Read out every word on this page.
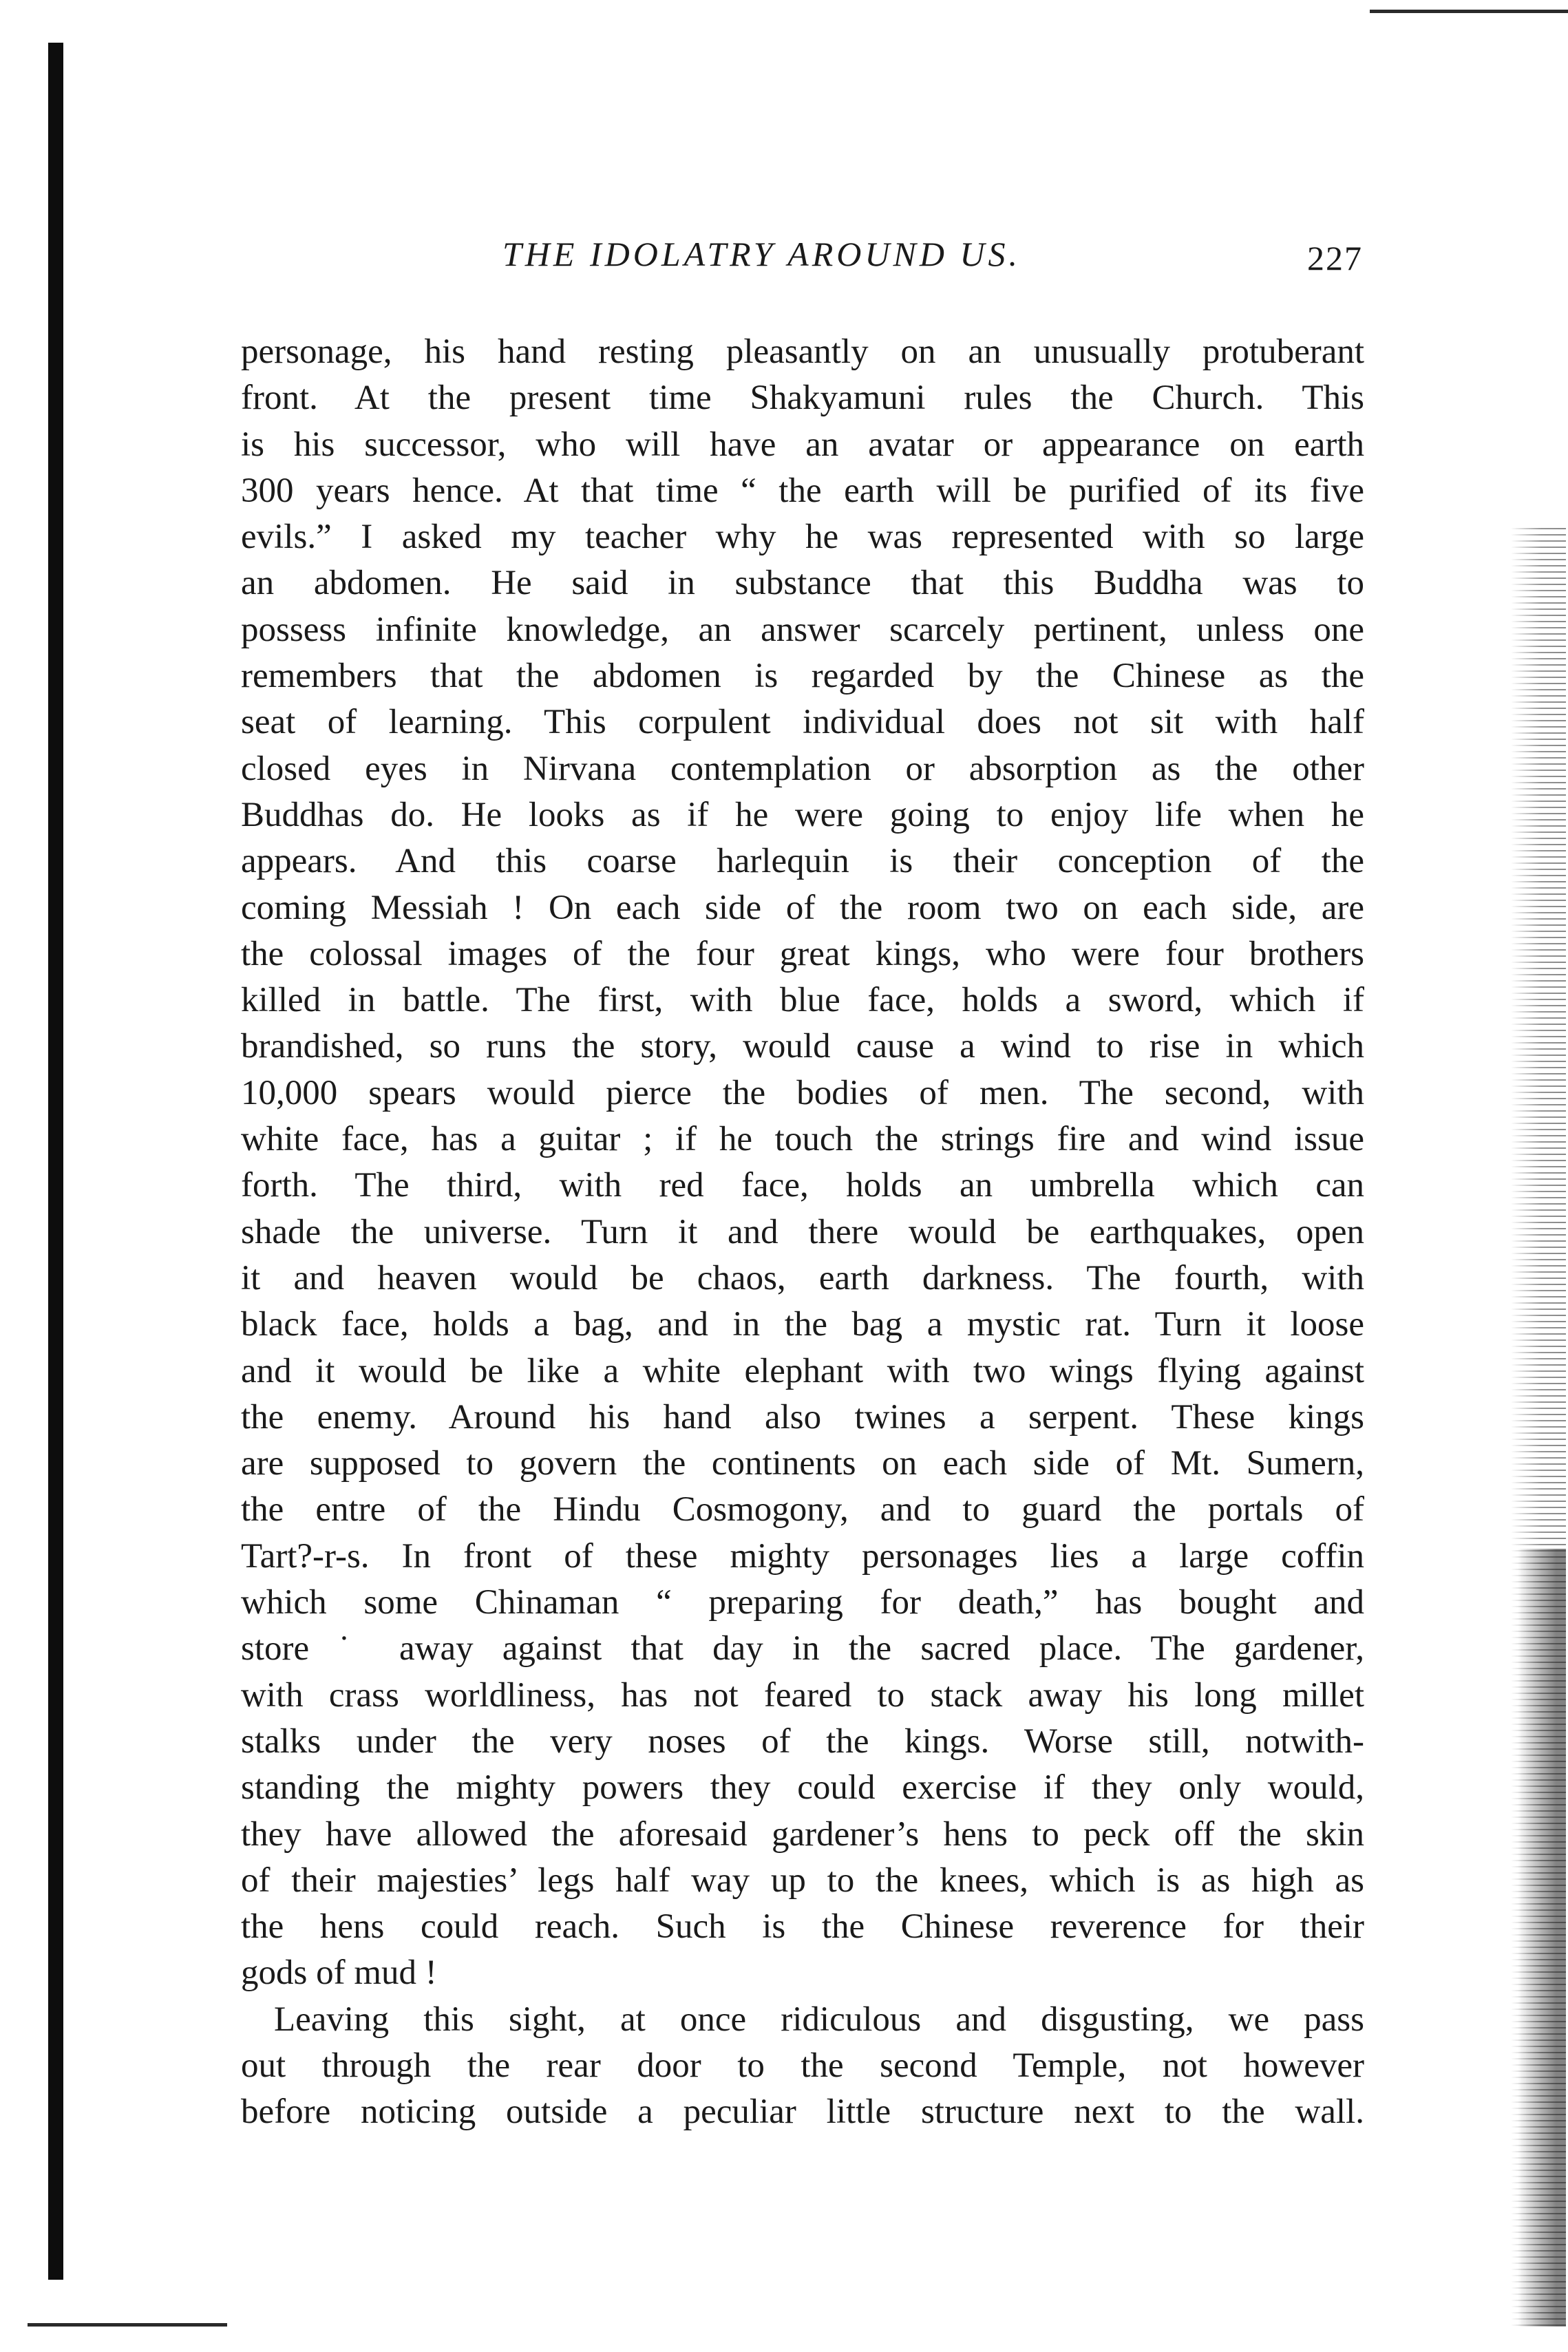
THE IDOLATRY AROUND US.	227
personage, his hand resting pleasantly on an unusually protuberant
front. At the present time Shakyamuni rules the Church. This
is his successor, who will have an avatar or appearance on earth
300 years hence. At that time “ the earth will be purified of its five
evils.” I asked my teacher why he was represented with so large
an abdomen. He said in substance that this Buddha was to
possess infinite knowledge, an answer scarcely pertinent, unless one
remembers that the abdomen is regarded by the Chinese as the
seat of learning. This corpulent individual does not sit with half
closed eyes in Nirvana contemplation or absorption as the other
Buddhas do. He looks as if he were going to enjoy life when he
appears. And this coarse harlequin is their conception of the
coming Messiah ! On each side of the room two on each side, are
the colossal images of the four great kings, who were four brothers
killed in battle. The first, with blue face, holds a sword, which if
brandished, so runs the story, would cause a wind to rise in which
10,000 spears would pierce the bodies of men. The second, with
white face, has a guitar ; if he touch the strings fire and wind issue
forth. The third, with red face, holds an umbrella which can
shade the universe. Turn it and there would be earthquakes, open
it and heaven would be chaos, earth darkness. The fourth, with
black face, holds a bag, and in the bag a mystic rat. Turn it loose
and it would be like a white elephant with two wings flying against
the enemy. Around his hand also twines a serpent. These kings
are supposed to govern the continents on each side of Mt. Sumern,
the entre of the Hindu Cosmogony, and to guard the portals of
Tart?-r-s. In front of these mighty personages lies a large coffin
which some Chinaman “ preparing for death,” has bought and
store ˙ away against that day in the sacred place. The gardener,
with crass worldliness, has not feared to stack away his long millet
stalks under the very noses of the kings. Worse still, notwith-
standing the mighty powers they could exercise if they only would,
they have allowed the aforesaid gardener’s hens to peck off the skin
of their majesties’ legs half way up to the knees, which is as high as
the hens could reach. Such is the Chinese reverence for their
gods of mud !
Leaving this sight, at once ridiculous and disgusting, we pass
out through the rear door to the second Temple, not however
before noticing outside a peculiar little structure next to the wall.
